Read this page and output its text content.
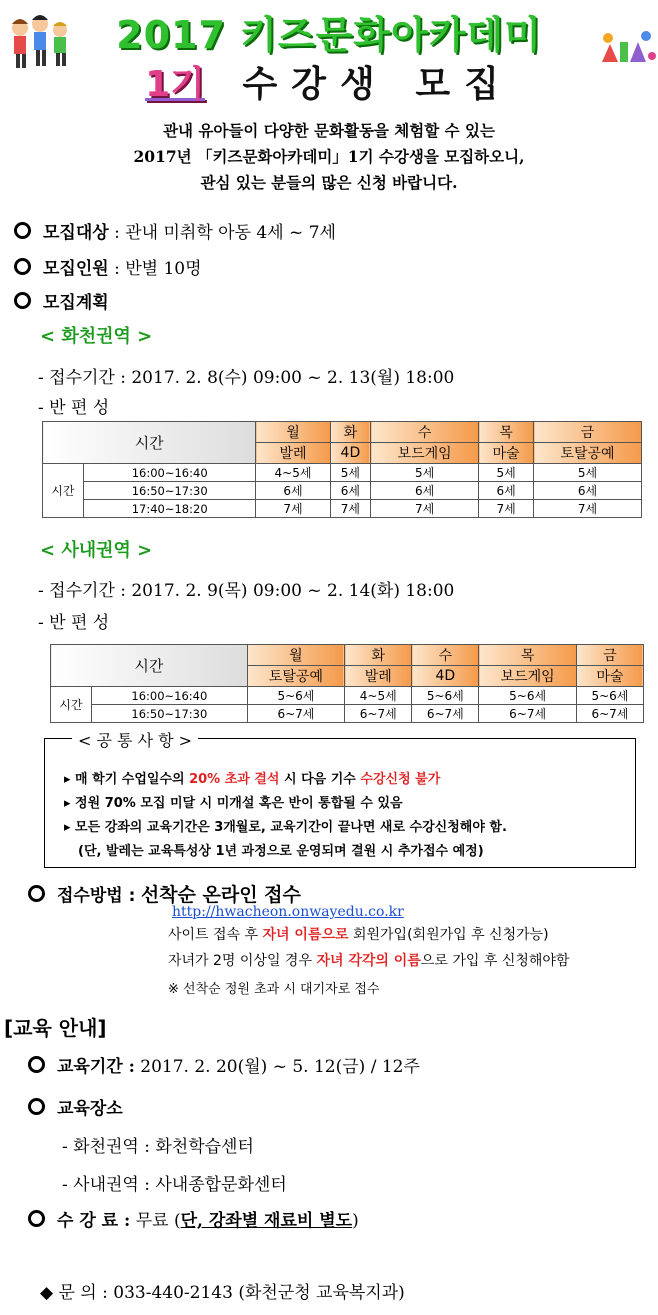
2017 키즈문화아카데미
1기 수강생 모집
관내 유아들이 다양한 문화활동을 체험할 수 있는
2017년 「키즈문화아카데미」1기 수강생을 모집하오니,
관심 있는 분들의 많은 신청 바랍니다.
모집대상 : 관내 미취학 아동 4세 ~ 7세
모집인원 : 반별 10명
모집계획
< 화천권역 >
- 접수기간 : 2017. 2. 8(수) 09:00 ~ 2. 13(월) 18:00
- 반 편 성
시간		월	화	수	목	금
		발레	4D	보드게임	마술	토탈공예
시간	16:00~16:40	4~5세	5세	5세	5세	5세
	16:50~17:30	6세	6세	6세	6세	6세
	17:40~18:20	7세	7세	7세	7세	7세
< 사내권역 >
- 접수기간 : 2017. 2. 9(목) 09:00 ~ 2. 14(화) 18:00
- 반 편 성
시간		월	화	수	목	금
		토탈공예	발레	4D	보드게임	마술
시간	16:00~16:40	5~6세	4~5세	5~6세	5~6세	5~6세
	16:50~17:30	6~7세	6~7세	6~7세	6~7세	6~7세
< 공 통 사 항 >
▸ 매 학기 수업일수의 20% 초과 결석 시 다음 기수 수강신청 불가
▸ 정원 70% 모집 미달 시 미개설 혹은 반이 통합될 수 있음
▸ 모든 강좌의 교육기간은 3개월로, 교육기간이 끝나면 새로 수강신청해야 함.
(단, 발레는 교육특성상 1년 과정으로 운영되며 결원 시 추가접수 예정)
접수방법 : 선착순 온라인 접수
http://hwacheon.onwayedu.co.kr
사이트 접속 후 자녀 이름으로 회원가입(회원가입 후 신청가능)
자녀가 2명 이상일 경우 자녀 각각의 이름으로 가입 후 신청해야함
※ 선착순 정원 초과 시 대기자로 접수
[교육 안내]
교육기간 : 2017. 2. 20(월) ~ 5. 12(금) / 12주
교육장소
- 화천권역 : 화천학습센터
- 사내권역 : 사내종합문화센터
수 강 료 : 무료 (단, 강좌별 재료비 별도)
◆ 문 의 : 033-440-2143 (화천군청 교육복지과)
